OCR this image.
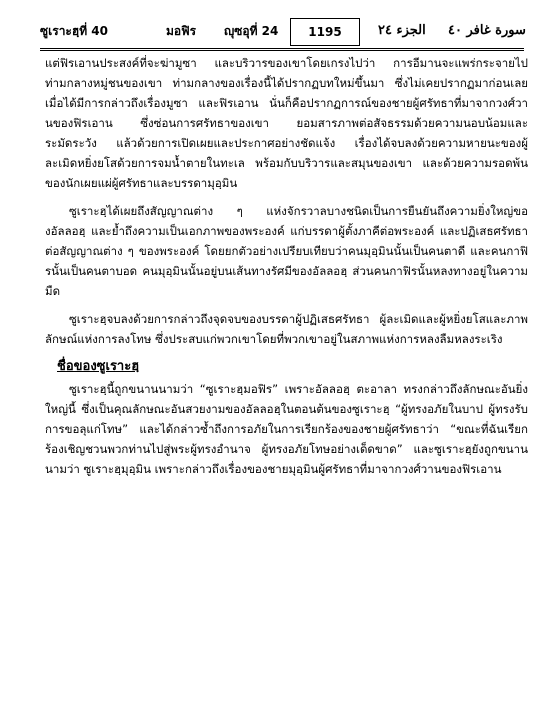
ซูเราะฮฺที่ 40	มอฟิร ญุซอุที่ 24	1195	الجزء ٢٤ سورة غافر ٤٠

แต่ฟิรเอานประสงค์ที่จะฆ่ามูซา และบริวารของเขาโดยเกรงไปว่า การอีมานจะแพร่กระจายไปท่ามกลางหมู่ชนของเขา ท่ามกลางของเรื่องนี้ได้ปรากฏบทใหม่ขึ้นมา ซึ่งไม่เคยปรากฏมาก่อนเลยเมื่อได้มีการกล่าวถึงเรื่องมูซา และฟิรเอาน นั่นก็คือปรากฏการณ์ของชายผู้ศรัทธาที่มาจากวงศ์วานของฟิรเอาน ซึ่งซ่อนการศรัทธาของเขา ยอมสารภาพต่อสัจธรรมด้วยความนอบน้อมและระมัดระวัง แล้วด้วยการเปิดเผยและประกาศอย่างชัดแจ้ง เรื่องได้จบลงด้วยความหายนะของผู้ละเมิดหยิ่งยโสด้วยการจมน้ำตายในทะเล พร้อมกับบริวารและสมุนของเขา และด้วยความรอดพ้นของนักเผยแผ่ผู้ศรัทธาและบรรดามุอฺมิน

ซูเราะฮฺได้เผยถึงสัญญาณต่าง ๆ แห่งจักรวาลบางชนิดเป็นการยืนยันถึงความยิ่งใหญ่ของอัลลอฮฺ และย้ำถึงความเป็นเอกภาพของพระองค์ แก่บรรดาผู้ตั้งภาคีต่อพระองค์ และปฏิเสธศรัทธาต่อสัญญาณต่าง ๆ ของพระองค์ โดยยกตัวอย่างเปรียบเทียบว่าคนมุอฺมินนั้นเป็นคนตาดี และคนกาฟิรนั้นเป็นคนตาบอด คนมุอฺมินนั้นอยู่บนเส้นทางรัศมีของอัลลอฮฺ ส่วนคนกาฟิรนั้นหลงทางอยู่ในความมืด

ซูเราะฮฺจบลงด้วยการกล่าวถึงจุดจบของบรรดาผู้ปฏิเสธศรัทธา ผู้ละเมิดและผู้หยิ่งยโสและภาพลักษณ์แห่งการลงโทษ ซึ่งประสบแก่พวกเขาโดยที่พวกเขาอยู่ในสภาพแห่งการหลงลืมหลงระเริง

ชื่อของซูเราะฮฺ

ซูเราะฮฺนี้ถูกขนานนามว่า “ซูเราะฮฺมอฟิร” เพราะอัลลอฮฺ ตะอาลา ทรงกล่าวถึงลักษณะอันยิ่งใหญ่นี้ ซึ่งเป็นคุณลักษณะอันสวยงามของอัลลอฮฺในตอนต้นของซูเราะฮฺ “ผู้ทรงอภัยในบาป ผู้ทรงรับการขอลุแก่โทษ” และได้กล่าวซ้ำถึงการอภัยในการเรียกร้องของชายผู้ศรัทธาว่า “ขณะที่ฉันเรียกร้องเชิญชวนพวกท่านไปสู่พระผู้ทรงอำนาจ ผู้ทรงอภัยโทษอย่างเด็ดขาด” และซูเราะฮฺยังถูกขนานนามว่า ซูเราะฮฺมุอฺมิน เพราะกล่าวถึงเรื่องของชายมุอฺมินผู้ศรัทธาที่มาจากวงศ์วานของฟิรเอาน
